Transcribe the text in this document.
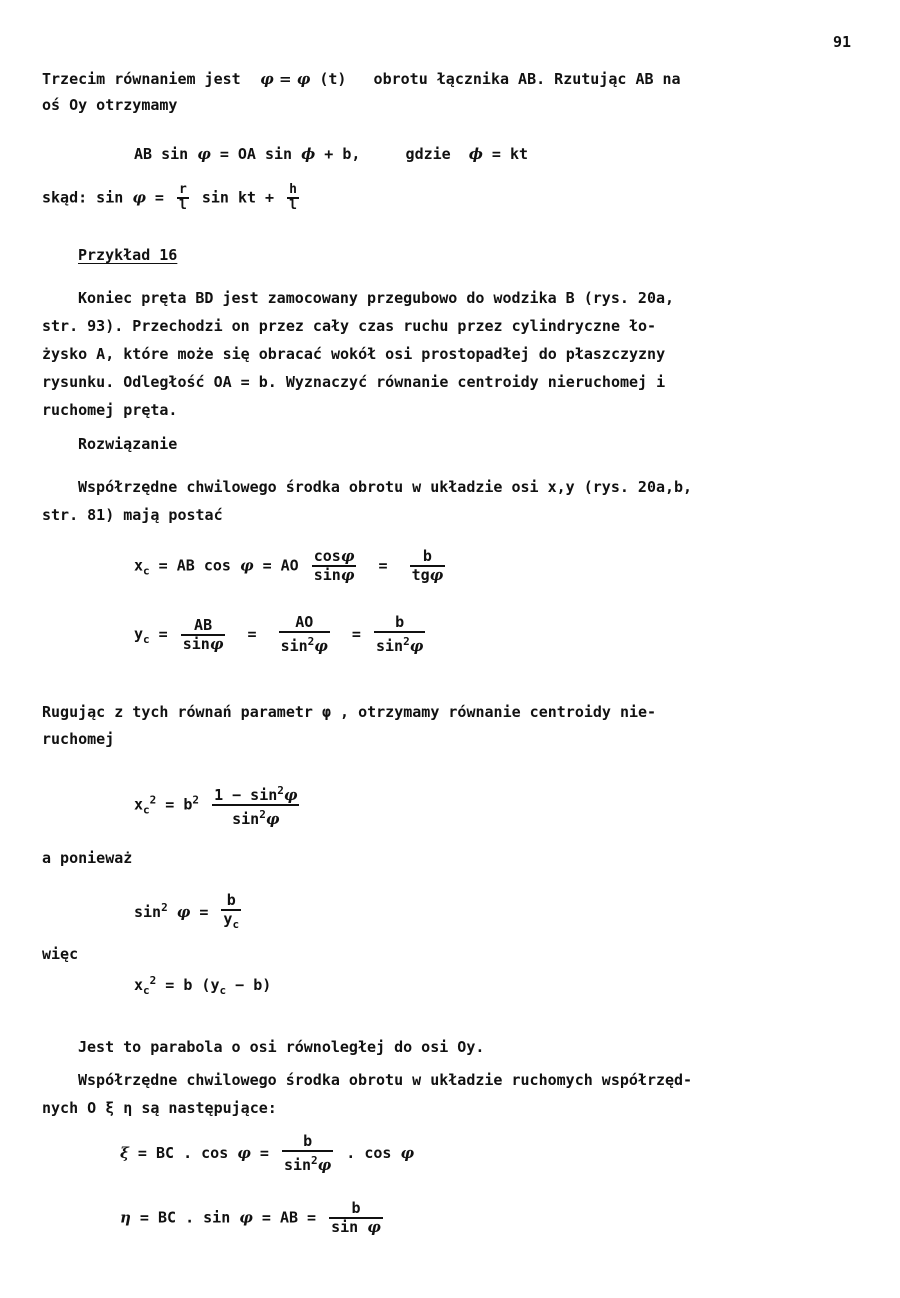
91
Trzecim równaniem jest   φ = φ (t)   obrotu łącznika AB. Rzutując AB na
oś Oy otrzymamy
AB sin φ = OA sin ϕ + b,	gdzie ϕ = kt
skąd: $\sin \varphi = \frac{r}{l}$ sin kt + $\frac{h}{l}$
Przykład 16
Koniec pręta BD jest zamocowany przegubowo do wodzika B (rys. 20a,
str. 93). Przechodzi on przez cały czas ruchu przez cylindryczne ło-
żysko A, które może się obracać wokół osi prostopadłej do płaszczyzny
rysunku. Odległość OA = b. Wyznaczyć równanie centroidy nieruchomej i
ruchomej pręta.
Rozwiązanie
Współrzędne chwilowego środka obrotu w układzie osi x,y (rys. 20a,b,
str. 81) mają postać
$x_c$ = AB cos φ = AO $\frac{\cos\varphi}{\sin\varphi} = \frac{b}{\text{tgφ}}$
$y_c = \frac{AB}{\sin\varphi} = \frac{AO}{\sin^2\varphi} = \frac{b}{\sin^2\varphi}$
Rugując z tych równań parametr φ , otrzymamy równanie centroidy nie-
ruchomej
$x_c^2 = b^2 \frac{1 - \sin^2\varphi}{\sin^2\varphi}$
a ponieważ
$\sin^2 \varphi = \frac{b}{y_c}$
więc
$x_c^2 = b$ $(y_c - b)$
Jest to parabola o osi równoległej do osi Oy.
Współrzędne chwilowego środka obrotu w układzie ruchomych współrzęd-
nych O ξ η są następujące:
ξ = BC . $\cos \varphi = \frac{b}{\sin^2\varphi}$ . cos φ
η = BC . sin φ = AB = $\frac{b}{\text{sin φ}}$
